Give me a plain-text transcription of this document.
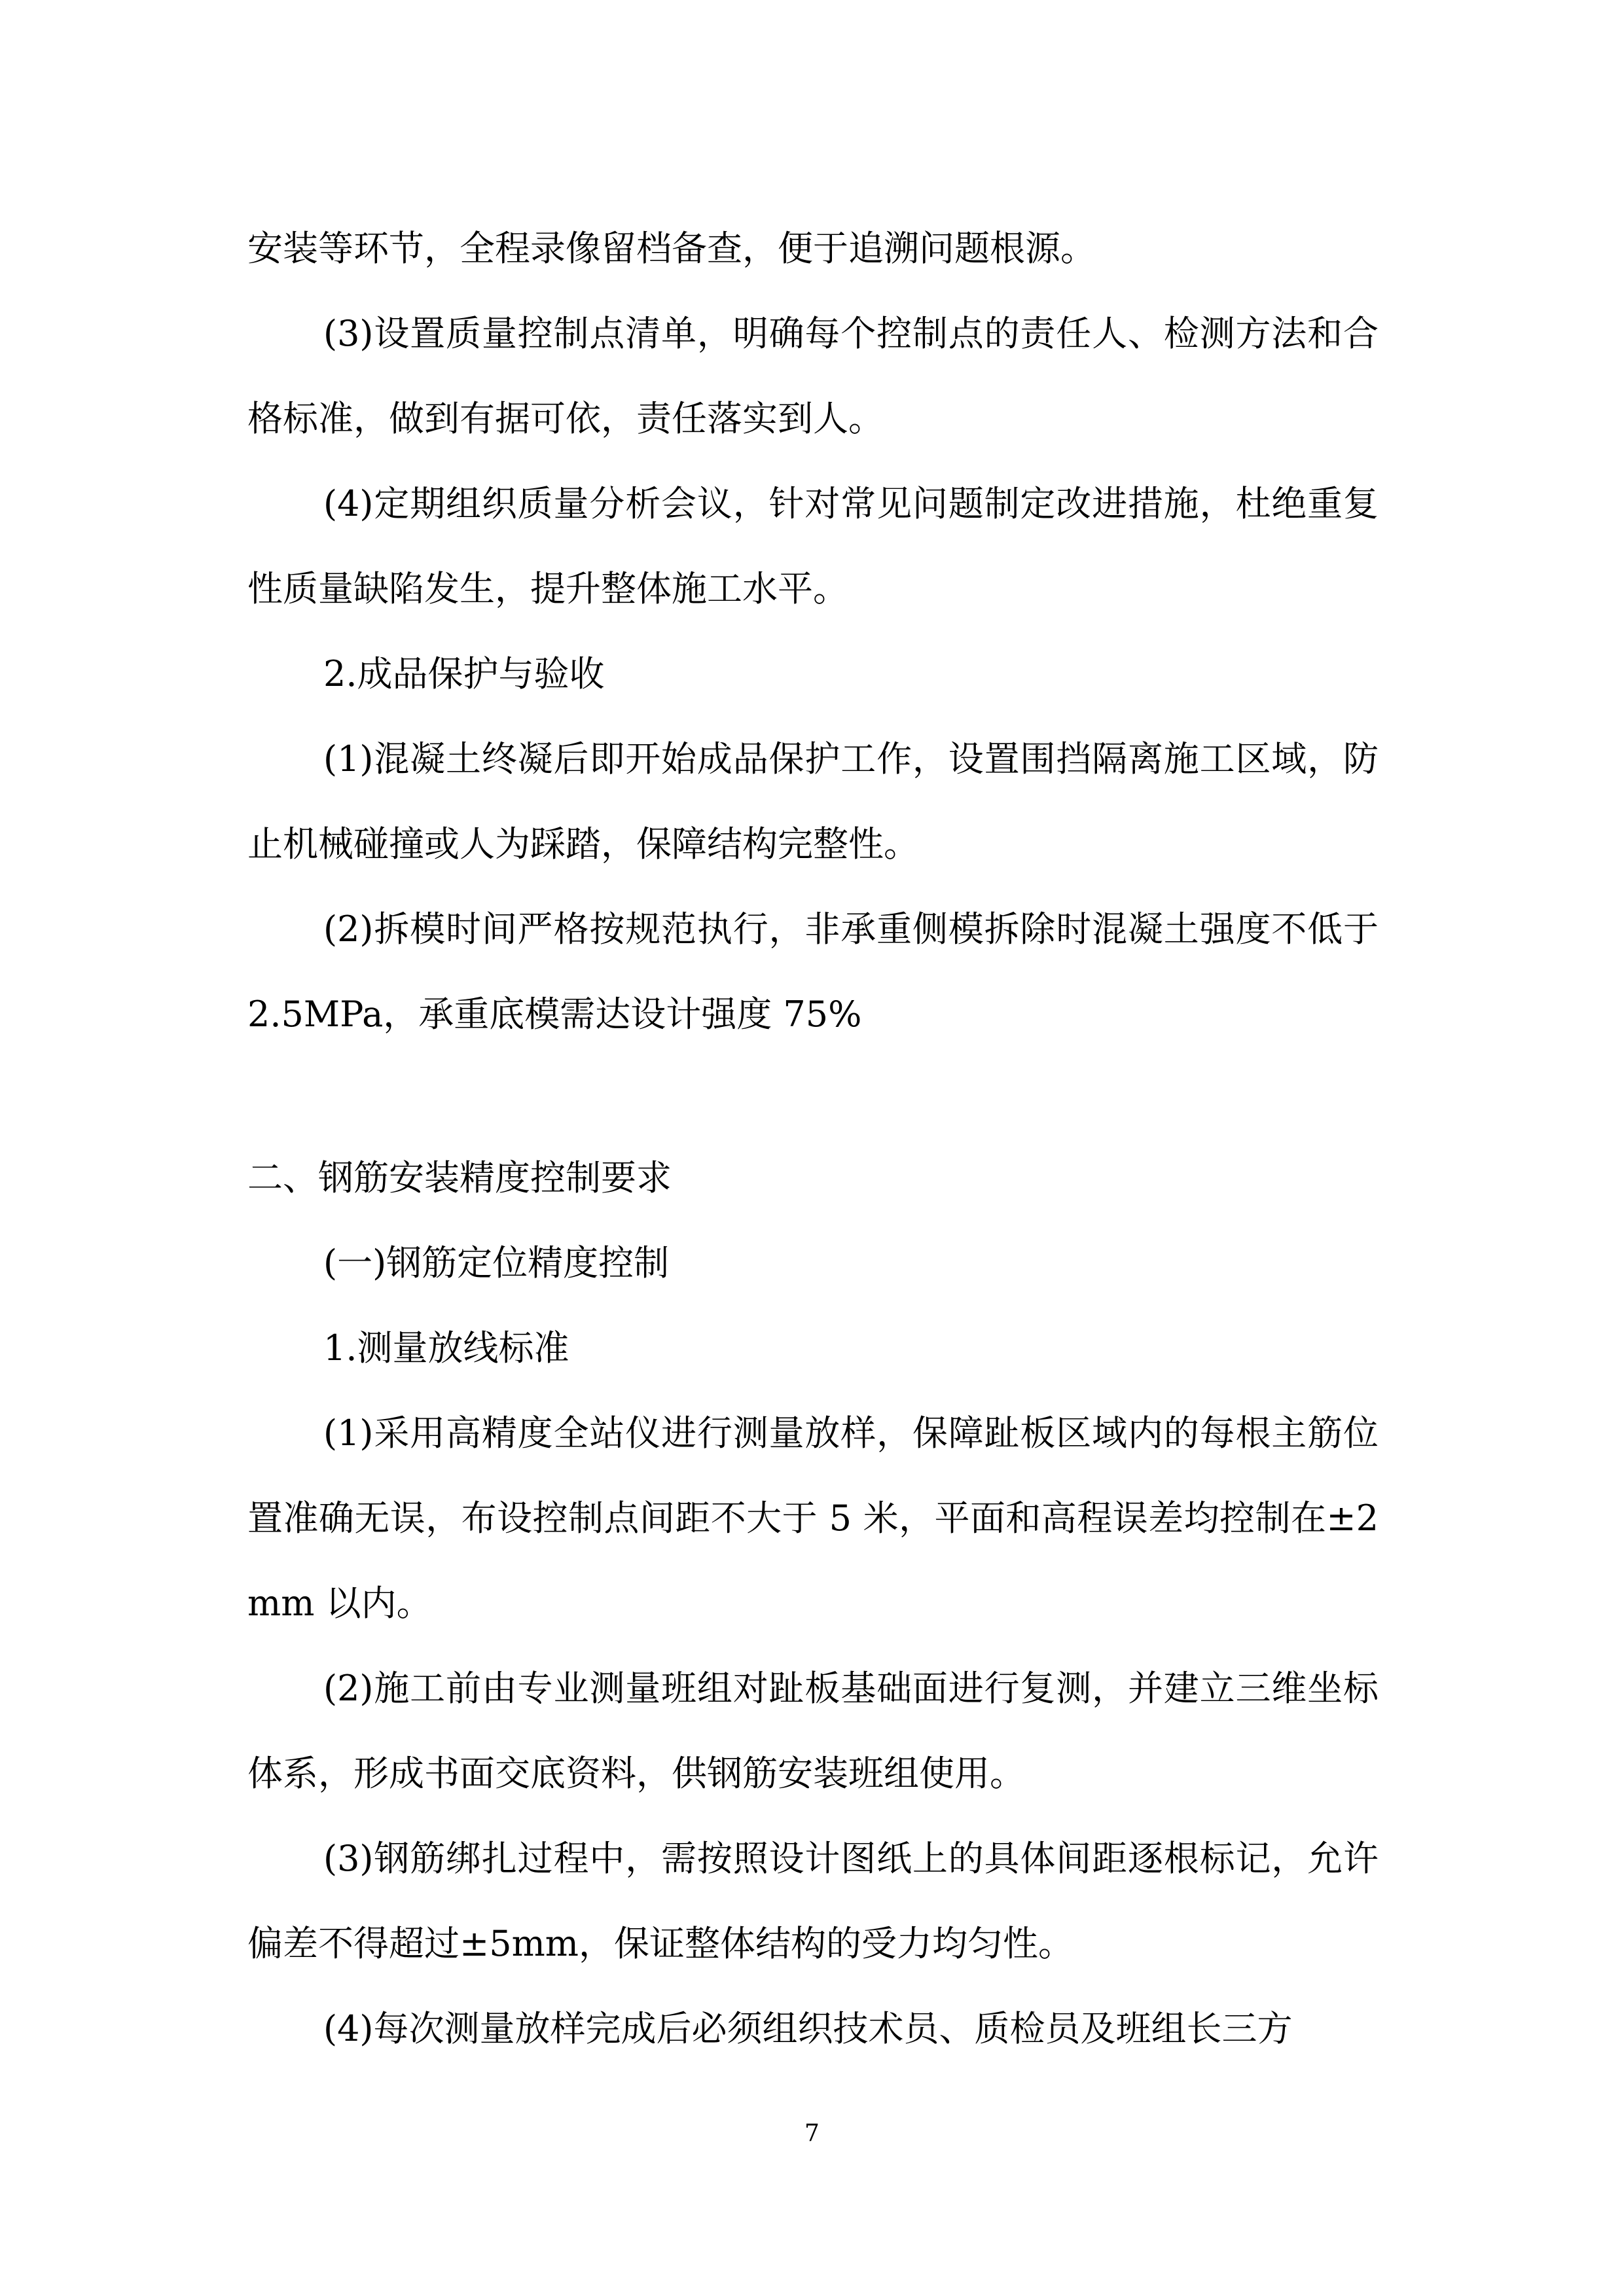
安装等环节，全程录像留档备查，便于追溯问题根源。

(3)设置质量控制点清单，明确每个控制点的责任人、检测方法和合格标准，做到有据可依，责任落实到人。

(4)定期组织质量分析会议，针对常见问题制定改进措施，杜绝重复性质量缺陷发生，提升整体施工水平。

2.成品保护与验收

(1)混凝土终凝后即开始成品保护工作，设置围挡隔离施工区域，防止机械碰撞或人为踩踏，保障结构完整性。

(2)拆模时间严格按规范执行，非承重侧模拆除时混凝土强度不低于 2.5MPa，承重底模需达设计强度 75%

二、钢筋安装精度控制要求

(一)钢筋定位精度控制

1.测量放线标准

(1)采用高精度全站仪进行测量放样，保障趾板区域内的每根主筋位置准确无误，布设控制点间距不大于 5 米，平面和高程误差均控制在±2mm 以内。

(2)施工前由专业测量班组对趾板基础面进行复测，并建立三维坐标体系，形成书面交底资料，供钢筋安装班组使用。

(3)钢筋绑扎过程中，需按照设计图纸上的具体间距逐根标记，允许偏差不得超过±5mm，保证整体结构的受力均匀性。

(4)每次测量放样完成后必须组织技术员、质检员及班组长三方

7
